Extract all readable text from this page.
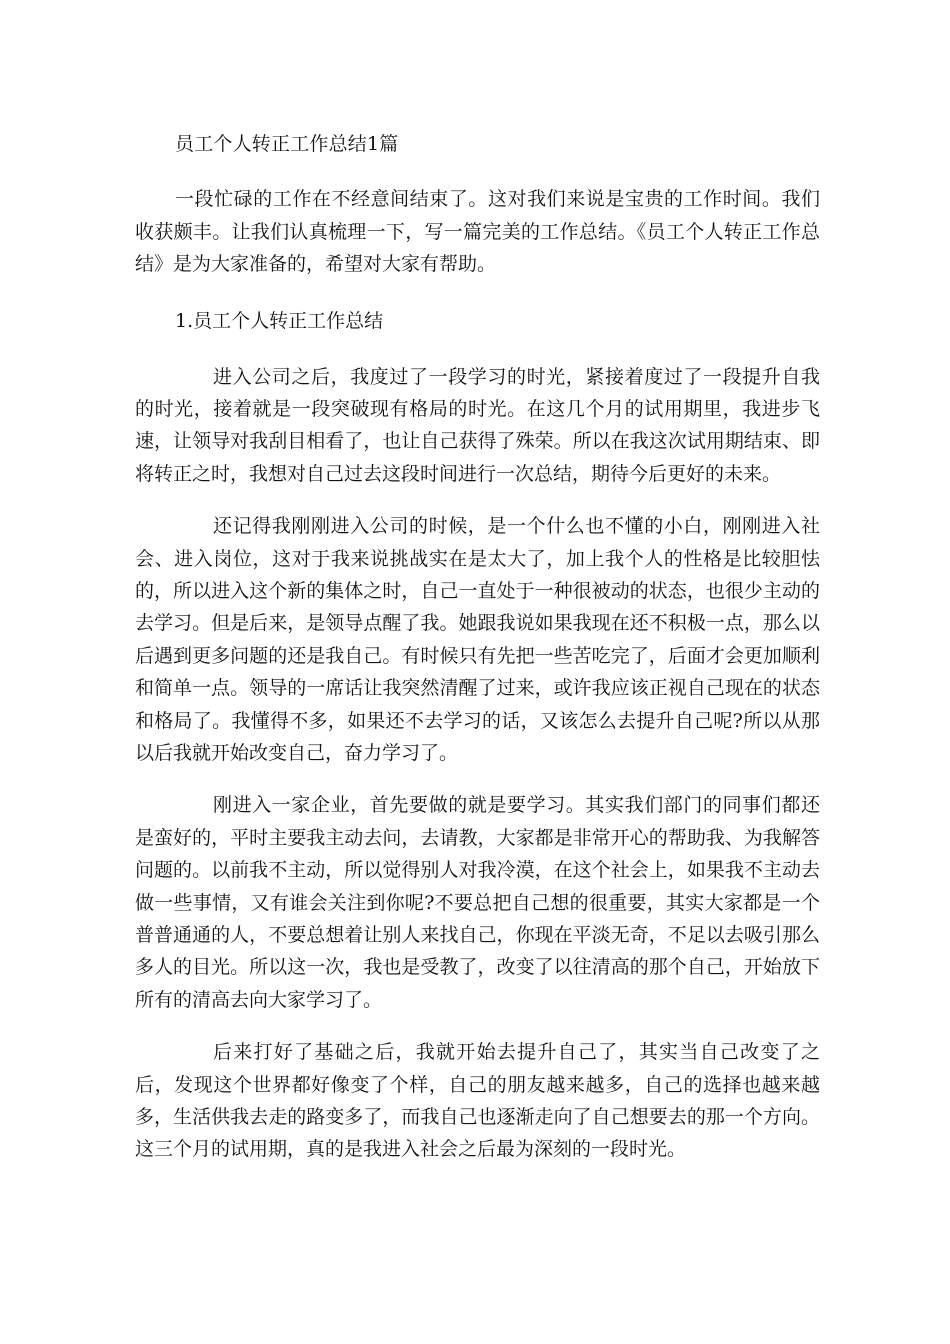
员工个人转正工作总结1篇

一段忙碌的工作在不经意间结束了。这对我们来说是宝贵的工作时间。我们收获颇丰。让我们认真梳理一下，写一篇完美的工作总结。《员工个人转正工作总结》是为大家准备的，希望对大家有帮助。

1.员工个人转正工作总结

进入公司之后，我度过了一段学习的时光，紧接着度过了一段提升自我的时光，接着就是一段突破现有格局的时光。在这几个月的试用期里，我进步飞速，让领导对我刮目相看了，也让自己获得了殊荣。所以在我这次试用期结束、即将转正之时，我想对自己过去这段时间进行一次总结，期待今后更好的未来。

还记得我刚刚进入公司的时候，是一个什么也不懂的小白，刚刚进入社会、进入岗位，这对于我来说挑战实在是太大了，加上我个人的性格是比较胆怯的，所以进入这个新的集体之时，自己一直处于一种很被动的状态，也很少主动的去学习。但是后来，是领导点醒了我。她跟我说如果我现在还不积极一点，那么以后遇到更多问题的还是我自己。有时候只有先把一些苦吃完了，后面才会更加顺利和简单一点。领导的一席话让我突然清醒了过来，或许我应该正视自己现在的状态和格局了。我懂得不多，如果还不去学习的话，又该怎么去提升自己呢?所以从那以后我就开始改变自己，奋力学习了。

刚进入一家企业，首先要做的就是要学习。其实我们部门的同事们都还是蛮好的，平时主要我主动去问，去请教，大家都是非常开心的帮助我、为我解答问题的。以前我不主动，所以觉得别人对我冷漠，在这个社会上，如果我不主动去做一些事情，又有谁会关注到你呢?不要总把自己想的很重要，其实大家都是一个普普通通的人，不要总想着让别人来找自己，你现在平淡无奇，不足以去吸引那么多人的目光。所以这一次，我也是受教了，改变了以往清高的那个自己，开始放下所有的清高去向大家学习了。

后来打好了基础之后，我就开始去提升自己了，其实当自己改变了之后，发现这个世界都好像变了个样，自己的朋友越来越多，自己的选择也越来越多，生活供我去走的路变多了，而我自己也逐渐走向了自己想要去的那一个方向。这三个月的试用期，真的是我进入社会之后最为深刻的一段时光。
